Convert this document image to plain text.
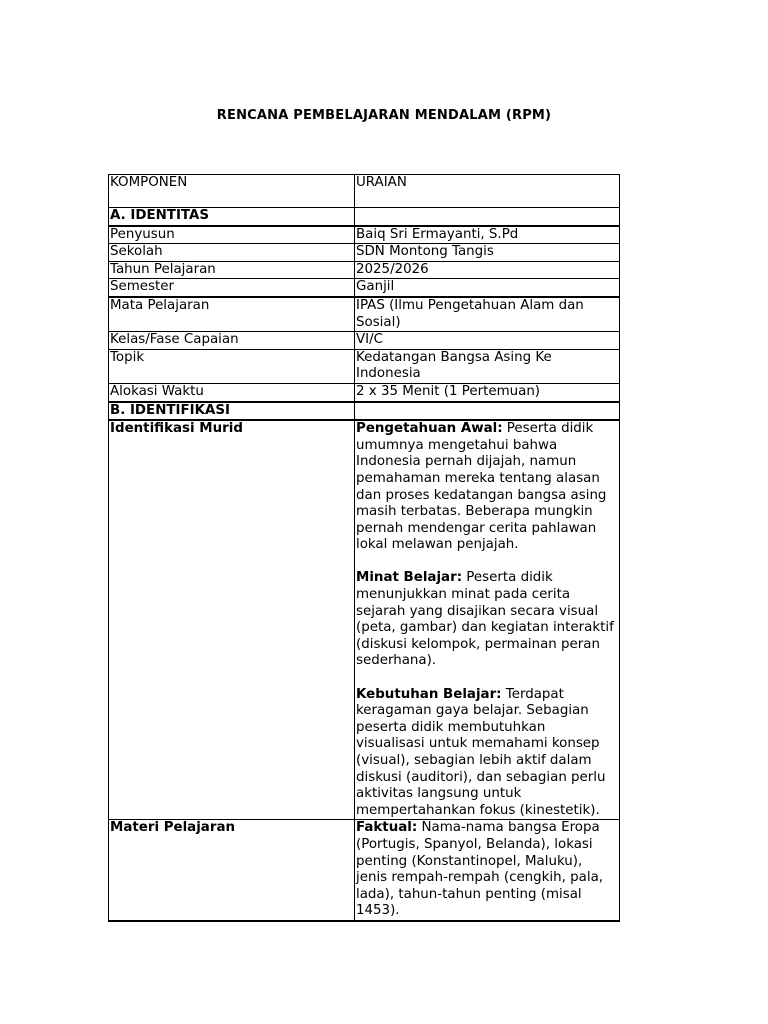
RENCANA PEMBELAJARAN MENDALAM (RPM)
KOMPONEN	URAIAN
A. IDENTITAS	
Penyusun	Baiq Sri Ermayanti, S.Pd
Sekolah	SDN Montong Tangis
Tahun Pelajaran	2025/2026
Semester	Ganjil
Mata Pelajaran	IPAS (Ilmu Pengetahuan Alam dan Sosial)
Kelas/Fase Capaian	VI/C
Topik	Kedatangan Bangsa Asing Ke Indonesia
Alokasi Waktu	2 x 35 Menit (1 Pertemuan)
B. IDENTIFIKASI	
Identifikasi Murid	Pengetahuan Awal: Peserta didik umumnya mengetahui bahwa Indonesia pernah dijajah, namun pemahaman mereka tentang alasan dan proses kedatangan bangsa asing masih terbatas. Beberapa mungkin pernah mendengar cerita pahlawan lokal melawan penjajah.

Minat Belajar: Peserta didik menunjukkan minat pada cerita sejarah yang disajikan secara visual (peta, gambar) dan kegiatan interaktif (diskusi kelompok, permainan peran sederhana).

Kebutuhan Belajar: Terdapat keragaman gaya belajar. Sebagian peserta didik membutuhkan visualisasi untuk memahami konsep (visual), sebagian lebih aktif dalam diskusi (auditori), dan sebagian perlu aktivitas langsung untuk mempertahankan fokus (kinestetik).

Materi Pelajaran	Faktual: Nama-nama bangsa Eropa (Portugis, Spanyol, Belanda), lokasi penting (Konstantinopel, Maluku), jenis rempah-rempah (cengkih, pala, lada), tahun-tahun penting (misal 1453).
